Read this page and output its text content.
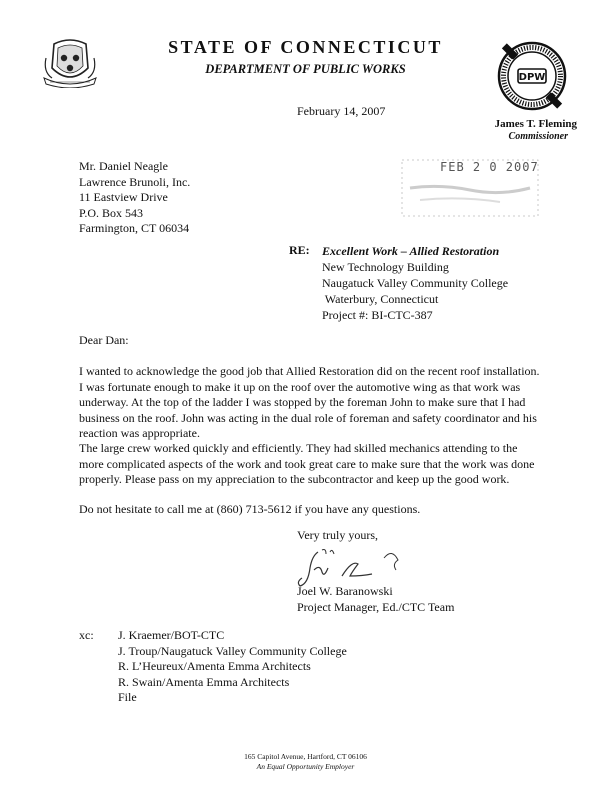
STATE OF CONNECTICUT
DEPARTMENT OF PUBLIC WORKS
DPW
February 14, 2007
James T. Fleming
Commissioner
FEB 2 0 2007
Mr. Daniel Neagle
Lawrence Brunoli, Inc.
11 Eastview Drive
P.O. Box 543
Farmington, CT 06034
RE: Excellent Work – Allied Restoration
New Technology Building
Naugatuck Valley Community College
Waterbury, Connecticut
Project #: BI-CTC-387
Dear Dan:
I wanted to acknowledge the good job that Allied Restoration did on the recent roof installation.
I was fortunate enough to make it up on the roof over the automotive wing as that work was
underway. At the top of the ladder I was stopped by the foreman John to make sure that I had
business on the roof. John was acting in the dual role of foreman and safety coordinator and his
reaction was appropriate.
The large crew worked quickly and efficiently. They had skilled mechanics attending to the
more complicated aspects of the work and took great care to make sure that the work was done
properly. Please pass on my appreciation to the subcontractor and keep up the good work.
Do not hesitate to call me at (860) 713-5612 if you have any questions.
Very truly yours,
Joel W. Baranowski
Project Manager, Ed./CTC Team
xc:	J. Kraemer/BOT-CTC
J. Troup/Naugatuck Valley Community College
R. L’Heureux/Amenta Emma Architects
R. Swain/Amenta Emma Architects
File
165 Capitol Avenue, Hartford, CT 06106
An Equal Opportunity Employer
